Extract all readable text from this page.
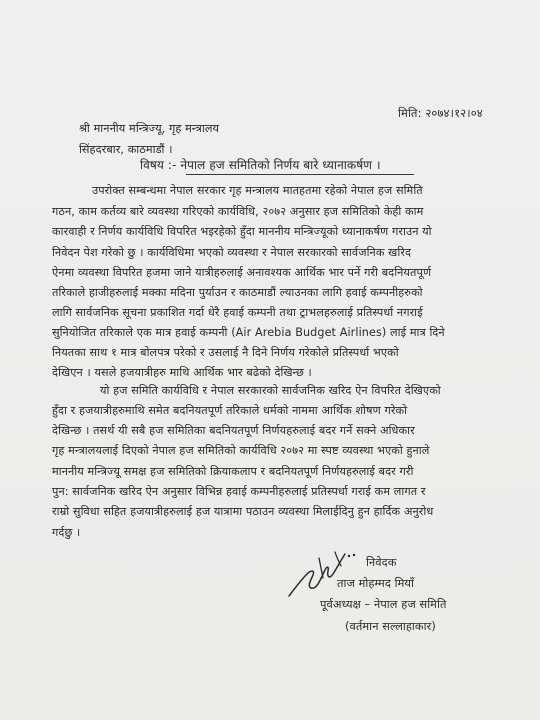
मिति: २०७४।१२।०४
श्री माननीय मन्त्रिज्यू, गृह मन्त्रालय
सिंहदरबार, काठमाडौं ।
विषय :- नेपाल हज समितिको निर्णय बारे ध्यानाकर्षण ।
उपरोक्त सम्बन्धमा नेपाल सरकार गृह मन्त्रालय मातहतमा रहेको नेपाल हज समिति
गठन, काम कर्तव्य बारे व्यवस्था गरिएको कार्यविधि, २०७२ अनुसार हज समितिको केही काम
कारवाही र निर्णय कार्यविधि विपरित भइरहेको हुँदा माननीय मन्त्रिज्यूको ध्यानाकर्षण गराउन यो
निवेदन पेश गरेको छु । कार्यविधिमा भएको व्यवस्था र नेपाल सरकारको सार्वजनिक खरिद
ऐनमा व्यवस्था विपरित हजमा जाने यात्रीहरुलाई अनावश्यक आर्थिक भार पर्ने गरी बदनियतपूर्ण
तरिकाले हाजीहरुलाई मक्का मदिना पुर्याउन र काठमाडौं ल्याउनका लागि हवाई कम्पनीहरुको
लागि सार्वजनिक सूचना प्रकाशित गर्दा धेरै हवाई कम्पनी तथा ट्राभलहरुलाई प्रतिस्पर्धा नगराई
सुनियोजित तरिकाले एक मात्र हवाई कम्पनी (Air Arebia Budget Airlines) लाई मात्र दिने
नियतका साथ १ मात्र बोलपत्र परेको र उसलाई नै दिने निर्णय गरेकोले प्रतिस्पर्धा भएको
देखिएन । यसले हजयात्रीहरु माथि आर्थिक भार बढेको देखिन्छ ।
यो हज समिति कार्यविधि र नेपाल सरकारको सार्वजनिक खरिद ऐन विपरित देखिएको
हुँदा र हजयात्रीहरुमाथि समेत बदनियतपूर्ण तरिकाले धर्मको नाममा आर्थिक शोषण गरेको
देखिन्छ । तसर्थ यी सबै हज समितिका बदनियतपूर्ण निर्णयहरुलाई बदर गर्ने सक्ने अधिकार
गृह मन्त्रालयलाई दिएको नेपाल हज समितिको कार्यविधि २०७२ मा स्पष्ट व्यवस्था भएको हुनाले
माननीय मन्त्रिज्यू समक्ष हज समितिको क्रियाकलाप र बदनियतपूर्ण निर्णयहरुलाई बदर गरी
पुन: सार्वजनिक खरिद ऐन अनुसार विभिन्न हवाई कम्पनीहरुलाई प्रतिस्पर्धा गराई कम लागत र
राम्रो सुविधा सहित हजयात्रीहरुलाई हज यात्रामा पठाउन व्यवस्था मिलाईदिनु हुन हार्दिक अनुरोध
गर्दछु ।
निवेदक
ताज मोहम्मद मियाँ
पूर्वअध्यक्ष – नेपाल हज समिति
(वर्तमान सल्लाहाकार)
